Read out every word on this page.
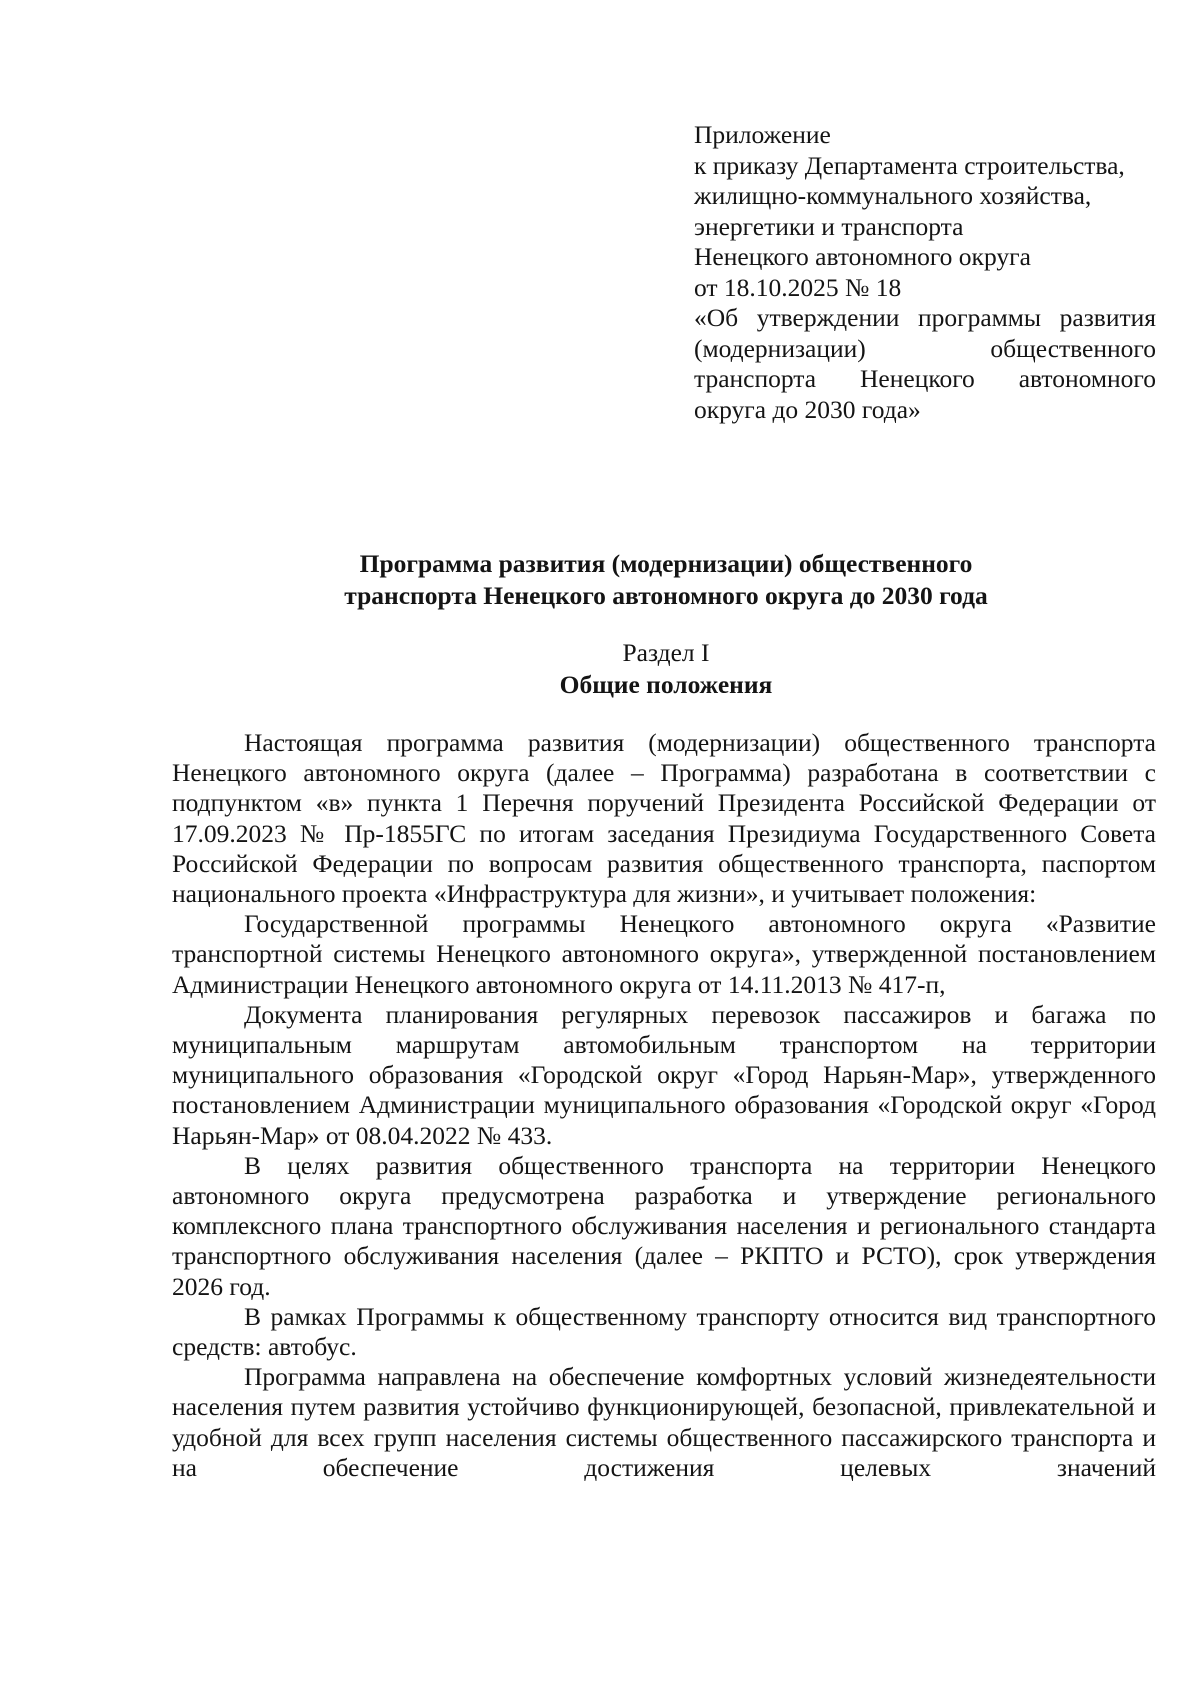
Приложение
к приказу Департамента строительства,
жилищно-коммунального хозяйства,
энергетики и транспорта
Ненецкого автономного округа
от 18.10.2025 № 18
«Об утверждении программы развития
(модернизации) общественного
транспорта Ненецкого автономного
округа до 2030 года»
Программа развития (модернизации) общественного
транспорта Ненецкого автономного округа до 2030 года
Раздел I
Общие положения

Настоящая программа развития (модернизации) общественного транспорта Ненецкого автономного округа (далее – Программа) разработана в соответствии с подпунктом «в» пункта 1 Перечня поручений Президента Российской Федерации от 17.09.2023 № Пр-1855ГС по итогам заседания Президиума Государственного Совета Российской Федерации по вопросам развития общественного транспорта, паспортом национального проекта «Инфраструктура для жизни», и учитывает положения:

Государственной программы Ненецкого автономного округа «Развитие транспортной системы Ненецкого автономного округа», утвержденной постановлением Администрации Ненецкого автономного округа от 14.11.2013 № 417-п,

Документа планирования регулярных перевозок пассажиров и багажа по муниципальным маршрутам автомобильным транспортом на территории муниципального образования «Городской округ «Город Нарьян-Мар», утвержденного постановлением Администрации муниципального образования «Городской округ «Город Нарьян-Мар» от 08.04.2022 № 433.

В целях развития общественного транспорта на территории Ненецкого автономного округа предусмотрена разработка и утверждение регионального комплексного плана транспортного обслуживания населения и регионального стандарта транспортного обслуживания населения (далее – РКПТО и РСТО), срок утверждения 2026 год.

В рамках Программы к общественному транспорту относится вид транспортного средств: автобус.

Программа направлена на обеспечение комфортных условий жизнедеятельности населения путем развития устойчиво функционирующей, безопасной, привлекательной и удобной для всех групп населения системы общественного пассажирского транспорта и на обеспечение достижения целевых значений
